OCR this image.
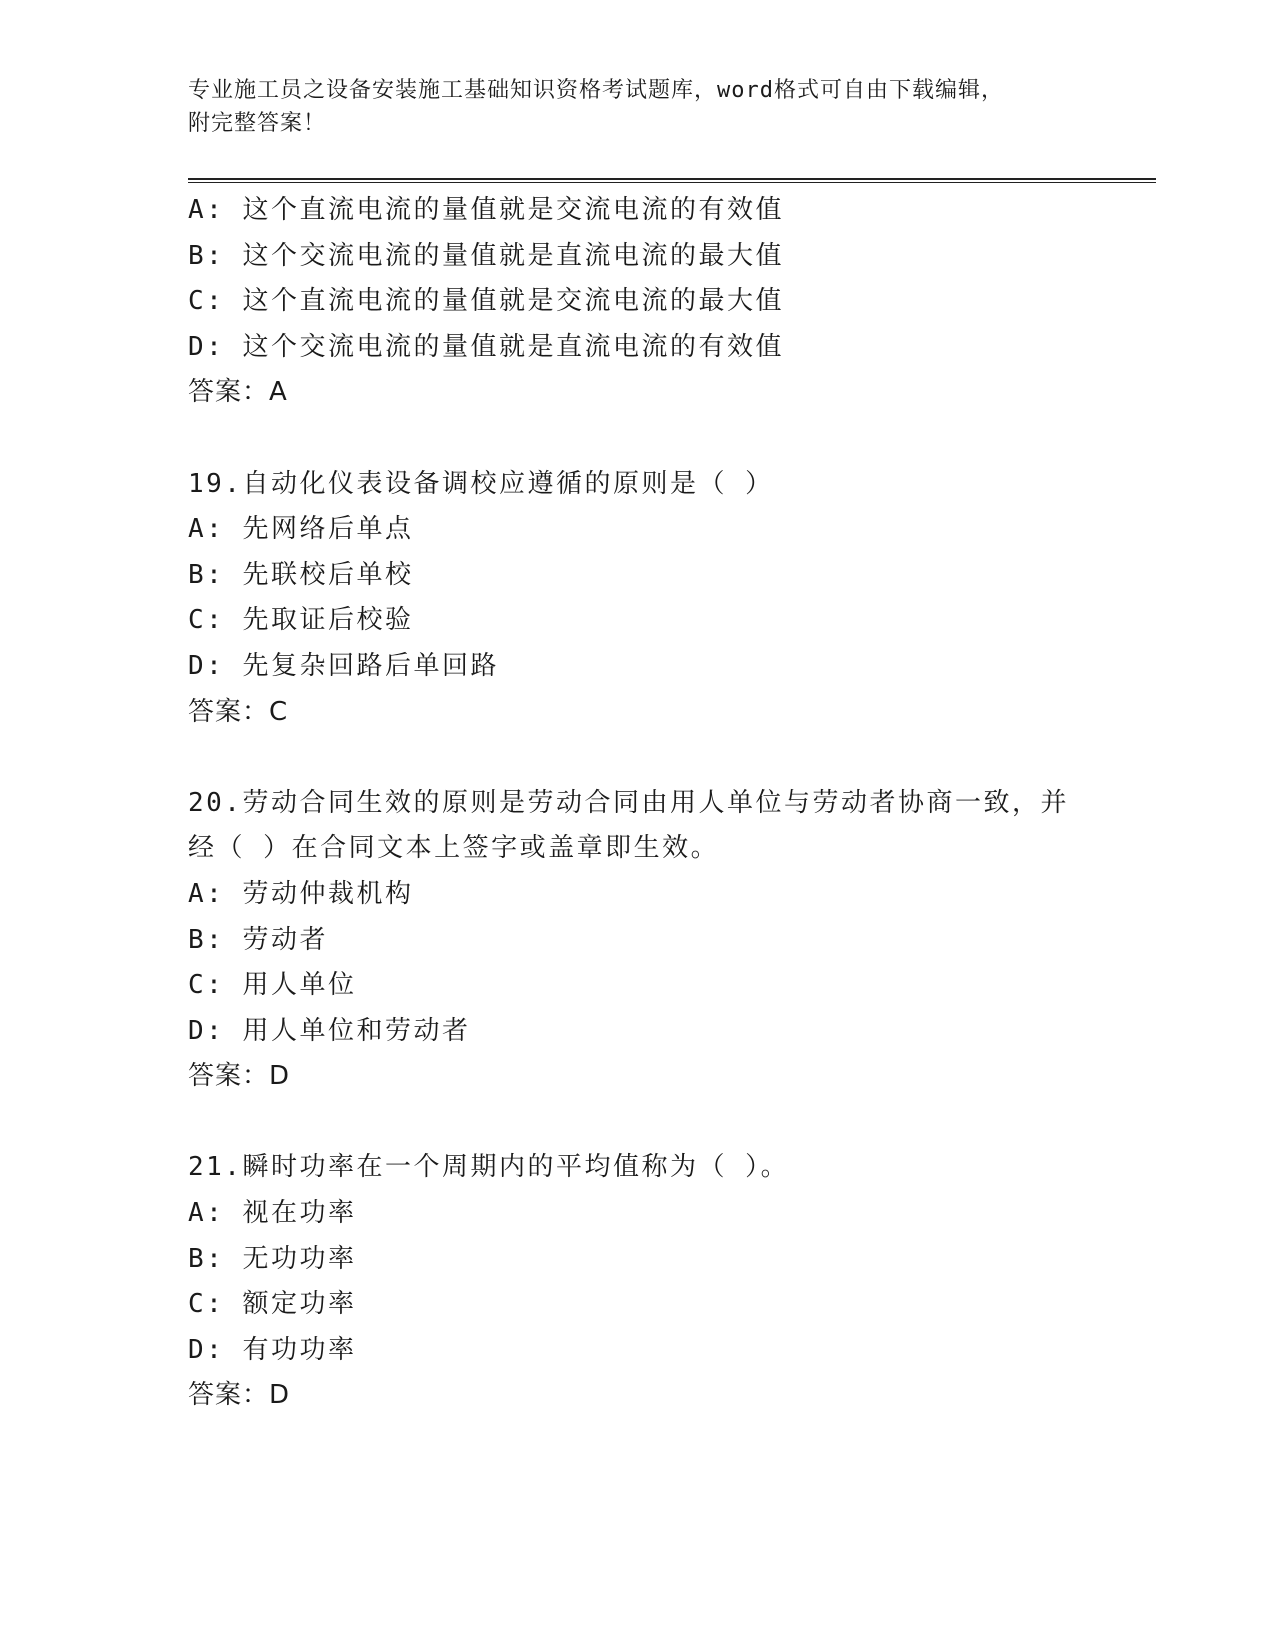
专业施工员之设备安装施工基础知识资格考试题库，word格式可自由下载编辑，
附完整答案！
A: 这个直流电流的量值就是交流电流的有效值
B: 这个交流电流的量值就是直流电流的最大值
C: 这个直流电流的量值就是交流电流的最大值
D: 这个交流电流的量值就是直流电流的有效值
答案：A
19.自动化仪表设备调校应遵循的原则是（ ）
A: 先网络后单点
B: 先联校后单校
C: 先取证后校验
D: 先复杂回路后单回路
答案：C
20.劳动合同生效的原则是劳动合同由用人单位与劳动者协商一致，并
经（ ）在合同文本上签字或盖章即生效。
A: 劳动仲裁机构
B: 劳动者
C: 用人单位
D: 用人单位和劳动者
答案：D
21.瞬时功率在一个周期内的平均值称为（ ）。
A: 视在功率
B: 无功功率
C: 额定功率
D: 有功功率
答案：D
